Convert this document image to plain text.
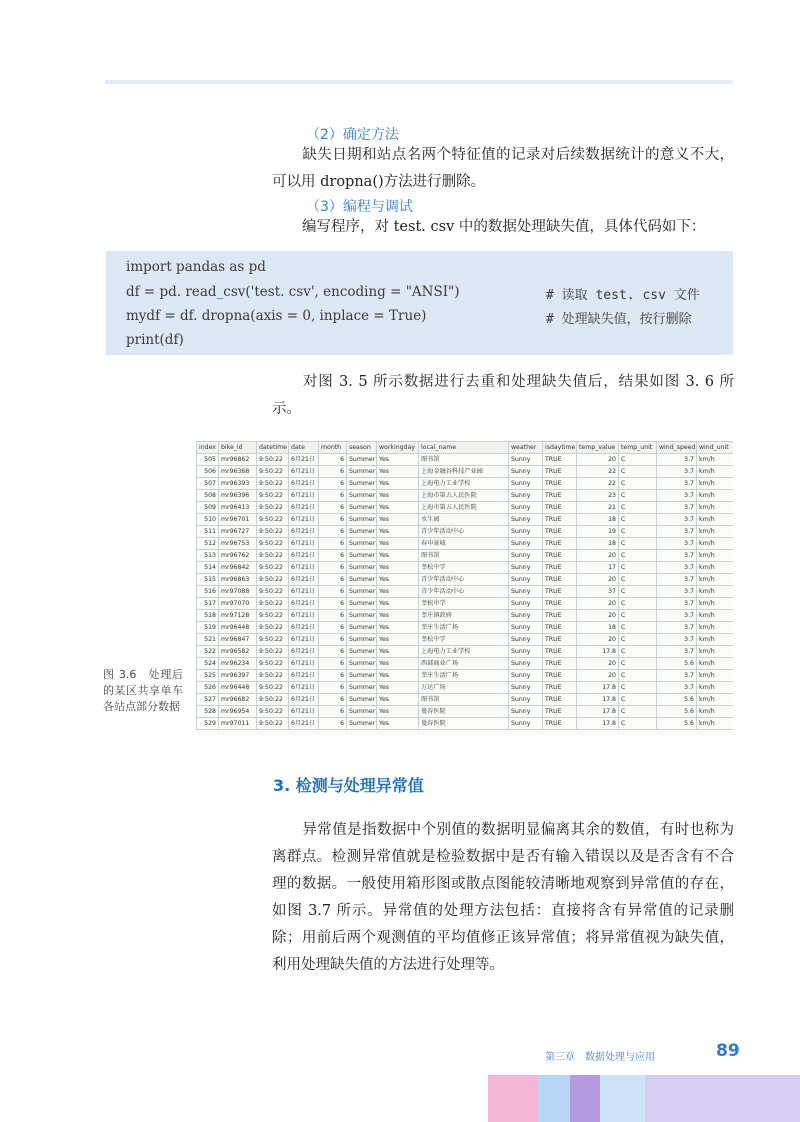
（2）确定方法

缺失日期和站点名两个特征值的记录对后续数据统计的意义不大，可以用 dropna()方法进行删除。

（3）编程与调试

编写程序，对 test. csv 中的数据处理缺失值，具体代码如下：

import pandas as pd
df = pd. read_csv('test. csv', encoding = "ANSI")	# 读取 test. csv 文件
mydf = df. dropna(axis = 0, inplace = True)	# 处理缺失值，按行删除
print(df)

对图 3. 5 所示数据进行去重和处理缺失值后，结果如图 3. 6 所示。

图 3.6　处理后的某区共享单车各站点部分数据
index	bike_id	datetime	date	month	season	workingday	local_name	weather	isdaytime	temp_value	temp_unit	wind_speed	wind_unit
505	mr96862	9:50:22	6月21日	6	Summer	Yes	图书馆	Sunny	TRUE	20	C	3.7	km/h
506	mr96368	9:50:22	6月21日	6	Summer	Yes	上海金融谷科技产业园	Sunny	TRUE	22	C	3.7	km/h
507	mr96393	9:50:22	6月21日	6	Summer	Yes	上海电力工业学校	Sunny	TRUE	22	C	3.7	km/h
508	mr96396	9:50:22	6月21日	6	Summer	Yes	上海市第五人民医院	Sunny	TRUE	23	C	3.7	km/h
509	mr96413	9:50:22	6月21日	6	Summer	Yes	上海市第五人民医院	Sunny	TRUE	21	C	3.7	km/h
510	mr96701	9:50:22	6月21日	6	Summer	Yes	水生园	Sunny	TRUE	18	C	3.7	km/h
511	mr96727	9:50:22	6月21日	6	Summer	Yes	青少年活动中心	Sunny	TRUE	19	C	3.7	km/h
512	mr96753	9:50:22	6月21日	6	Summer	Yes	春申景城	Sunny	TRUE	18	C	3.7	km/h
513	mr96762	9:50:22	6月21日	6	Summer	Yes	图书馆	Sunny	TRUE	20	C	3.7	km/h
514	mr96842	9:50:22	6月21日	6	Summer	Yes	莘松中学	Sunny	TRUE	17	C	3.7	km/h
515	mr96863	9:50:22	6月21日	6	Summer	Yes	青少年活动中心	Sunny	TRUE	20	C	3.7	km/h
516	mr97088	9:50:22	6月21日	6	Summer	Yes	青少年活动中心	Sunny	TRUE	37	C	3.7	km/h
517	mr97070	9:50:22	6月21日	6	Summer	Yes	莘松中学	Sunny	TRUE	20	C	3.7	km/h
518	mr97128	9:50:22	6月21日	6	Summer	Yes	莘庄镇政府	Sunny	TRUE	20	C	3.7	km/h
519	mr96448	9:50:22	6月21日	6	Summer	Yes	莘庄生活广场	Sunny	TRUE	18	C	3.7	km/h
521	mr96847	9:50:22	6月21日	6	Summer	Yes	莘松中学	Sunny	TRUE	20	C	3.7	km/h
522	mr96582	9:50:22	6月21日	6	Summer	Yes	上海电力工业学校	Sunny	TRUE	17.8	C	3.7	km/h
524	mr96234	9:50:22	6月21日	6	Summer	Yes	西部商业广场	Sunny	TRUE	20	C	5.6	km/h
525	mr96397	9:50:22	6月21日	6	Summer	Yes	莘庄生活广场	Sunny	TRUE	20	C	3.7	km/h
526	mr96448	9:50:22	6月21日	6	Summer	Yes	万达广场	Sunny	TRUE	17.8	C	3.7	km/h
527	mr96682	9:50:22	6月21日	6	Summer	Yes	图书馆	Sunny	TRUE	17.8	C	5.6	km/h
528	mr96954	9:50:22	6月21日	6	Summer	Yes	曼谷医院	Sunny	TRUE	17.8	C	5.6	km/h
529	mr97011	9:50:22	6月21日	6	Summer	Yes	曼谷医院	Sunny	TRUE	17.8	C	5.6	km/h
3. 检测与处理异常值

异常值是指数据中个别值的数据明显偏离其余的数值，有时也称为离群点。检测异常值就是检验数据中是否有输入错误以及是否含有不合理的数据。一般使用箱形图或散点图能较清晰地观察到异常值的存在，如图 3.7 所示。异常值的处理方法包括：直接将含有异常值的记录删除；用前后两个观测值的平均值修正该异常值；将异常值视为缺失值，利用处理缺失值的方法进行处理等。

第三章　数据处理与应用	89
